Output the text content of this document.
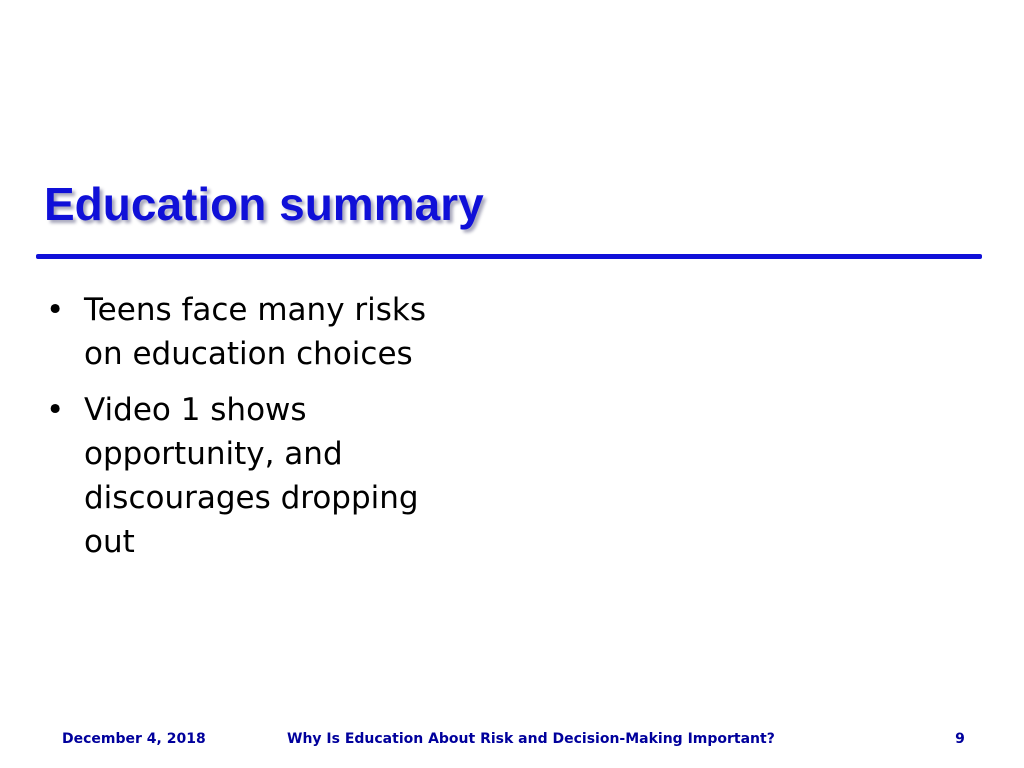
Education summary
• Teens face many risks
on education choices
• Video 1 shows
opportunity, and
discourages dropping
out
December 4, 2018	Why Is Education About Risk and Decision-Making Important?	9
